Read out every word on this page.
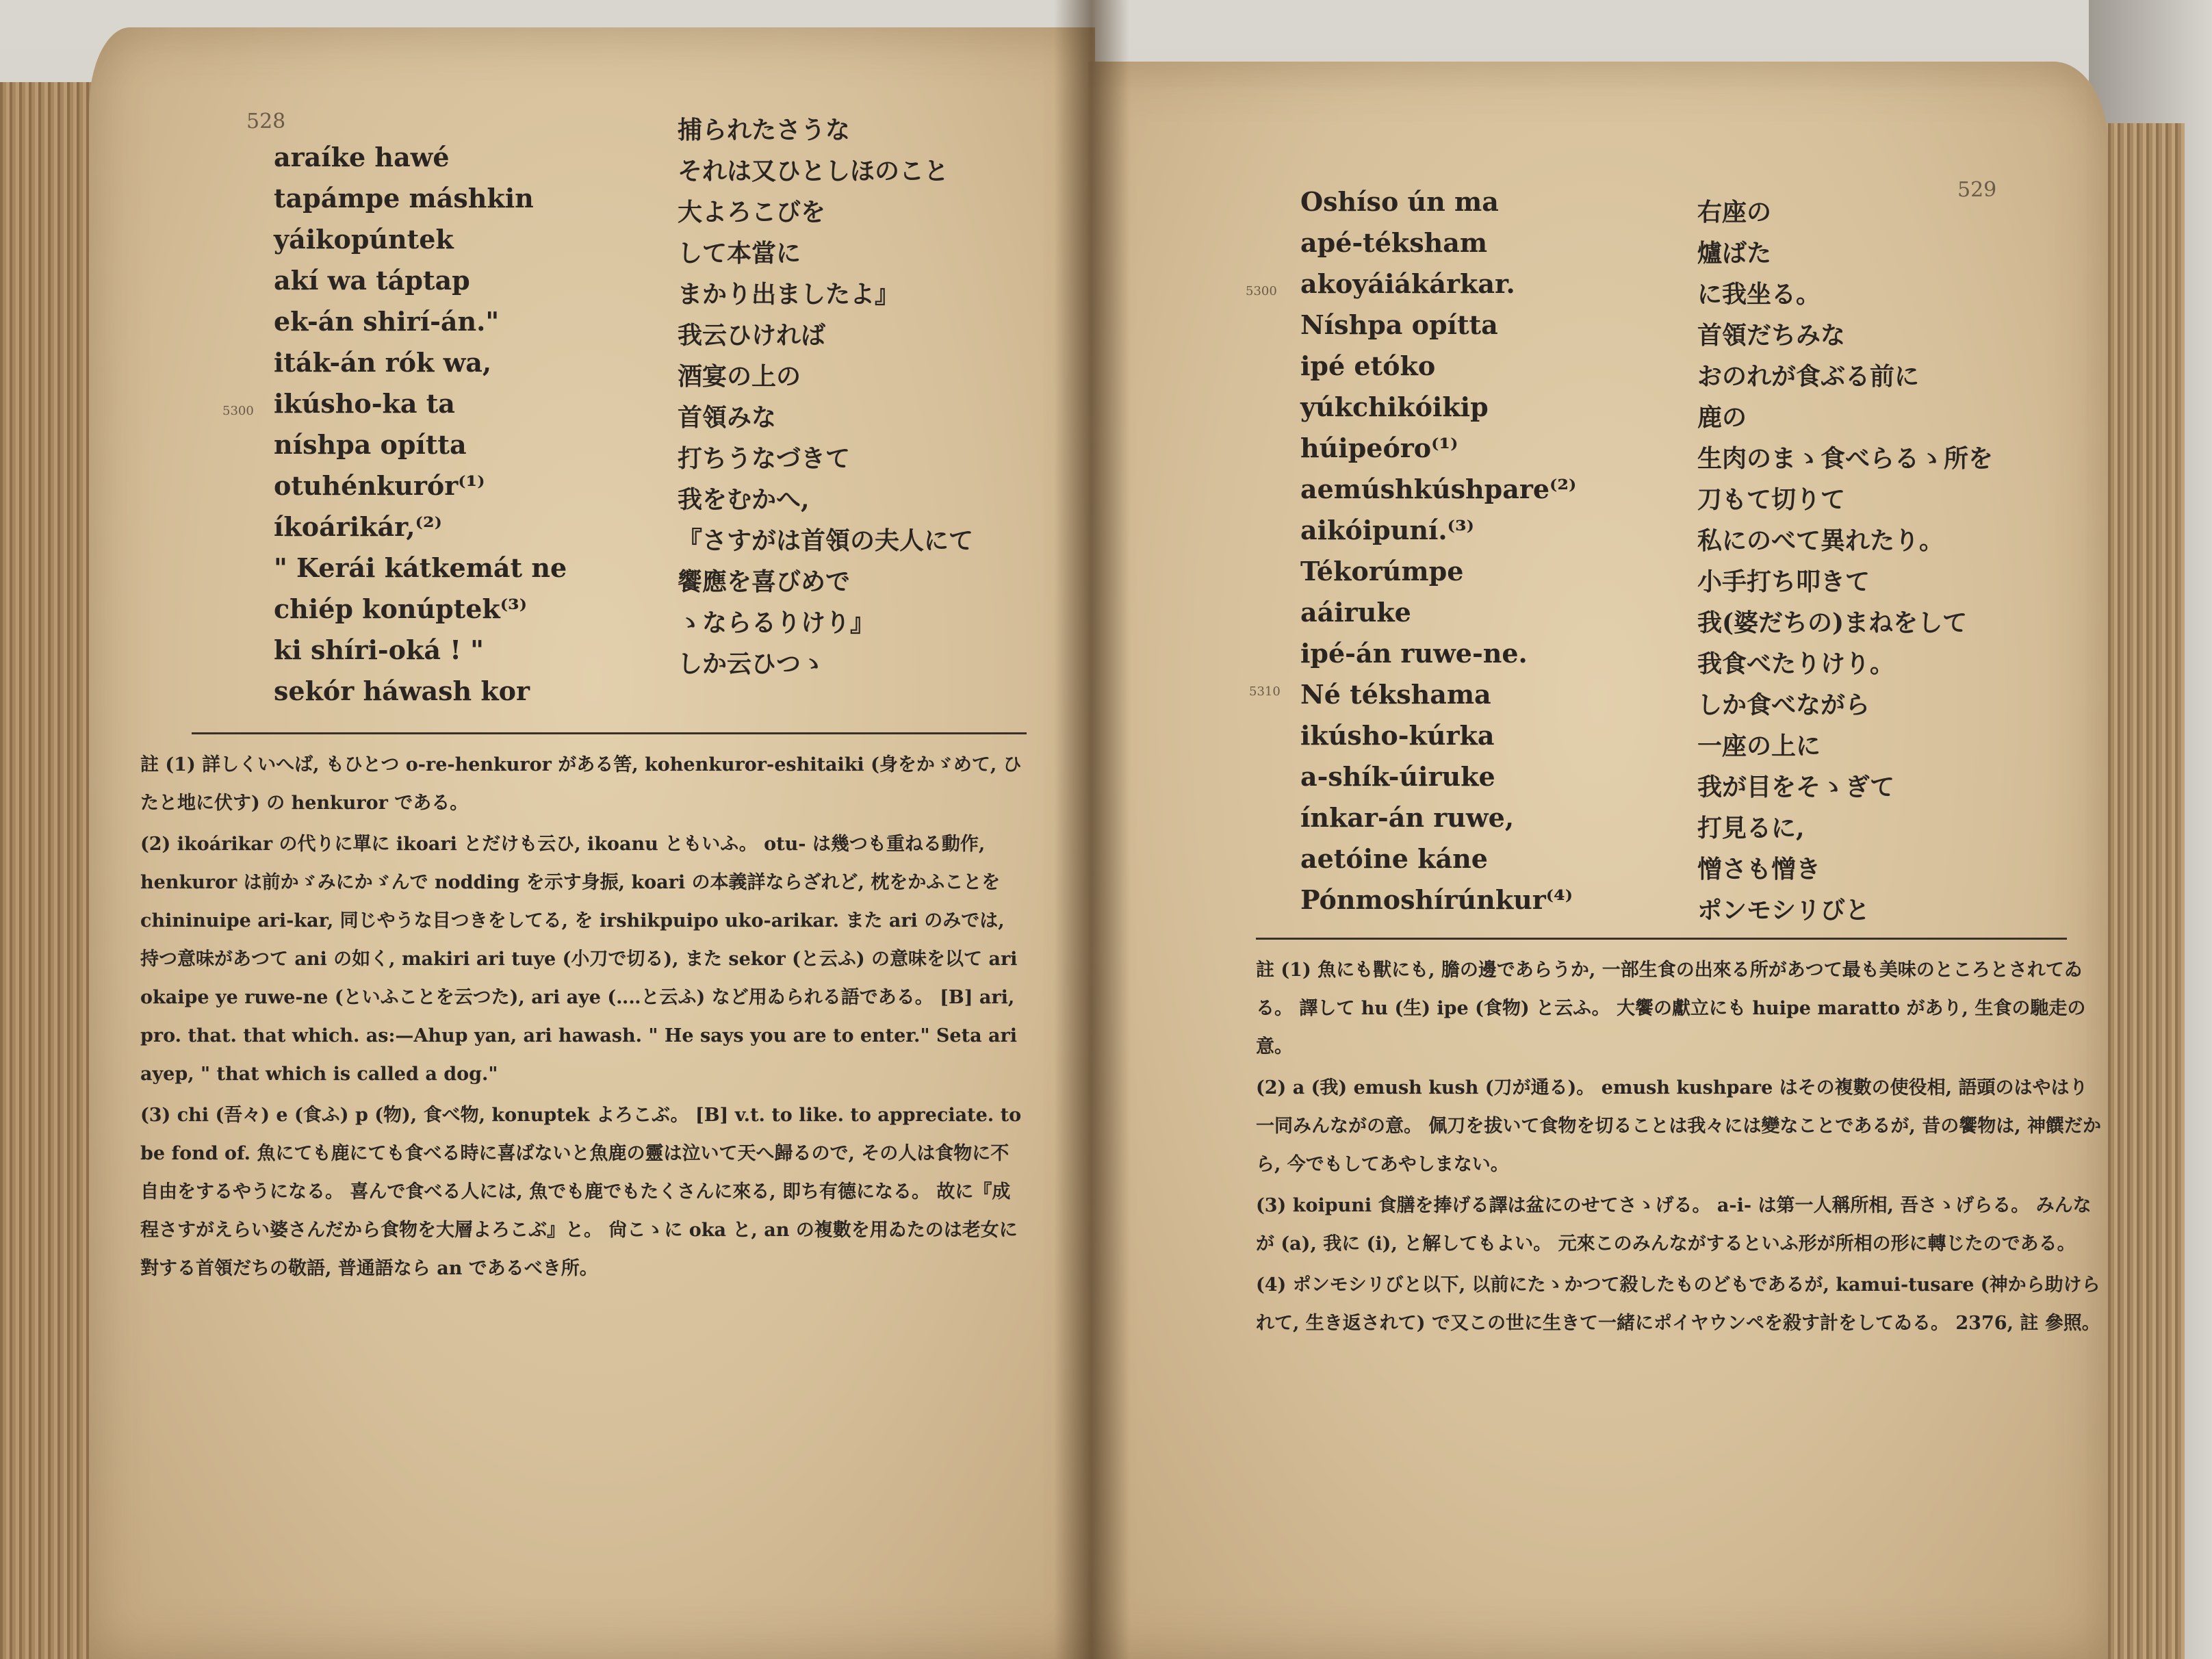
528
5300
araíke hawé
tapámpe máshkin
yáikopúntek
akí wa táptap
ek-án shirí-án."
iták-án rók wa,
ikúsho-ka ta
níshpa opítta
otuhénkurór⁽¹⁾
íkoárikár,⁽²⁾
" Kerái kátkemát ne
chiép konúptek⁽³⁾
ki shíri-oká ! "
sekór háwash kor
捕られたさうな
それは又ひとしほのこと
大よろこびを
して本當に
まかり出ましたよ』
我云ひければ
酒宴の上の
首領みな
打ちうなづきて
我をむかへ,
『さすがは首領の夫人にて
饗應を喜びめで
ゝならるりけり』
しか云ひつゝ

註 (1) 詳しくいへば, もひとつ o-re-henkuror がある筈, kohenkuror-eshitaiki (身をかゞめて, ひたと地に伏す) の henkuror である。

(2) ikoárikar の代りに單に ikoari とだけも云ひ, ikoanu ともいふ。 otu- は幾つも重ねる動作, henkuror は前かゞみにかゞんで nodding を示す身振, koari の本義詳ならざれど, 枕をかふことを chininuipe ari-kar, 同じやうな目つきをしてる, を irshikpuipo uko-arikar. また ari のみでは, 持つ意味があつて ani の如く, makiri ari tuye (小刀で切る), また sekor (と云ふ) の意味を以て ari okaipe ye ruwe-ne (といふことを云つた), ari aye (‥‥と云ふ) など用ゐられる語である。 [B] ari, pro. that. that which. as:—Ahup yan, ari hawash. " He says you are to enter." Seta ari ayep, " that which is called a dog."

(3) chi (吾々) e (食ふ) p (物), 食べ物, konuptek よろこぶ。 [B] v.t. to like. to appreciate. to be fond of. 魚にても鹿にても食べる時に喜ばないと魚鹿の靈は泣いて天へ歸るので, その人は食物に不自由をするやうになる。 喜んで食べる人には, 魚でも鹿でもたくさんに來る, 即ち有德になる。 故に『成程さすがえらい婆さんだから食物を大層よろこぶ』と。 尙こゝに oka と, an の複數を用ゐたのは老女に對する首領だちの敬語, 普通語なら an であるべき所。

529
5300
5310
Oshíso ún ma
apé-téksham
akoyáiákárkar.
Níshpa opítta
ipé etóko
yúkchikóikip
húipeóro⁽¹⁾
aemúshkúshpare⁽²⁾
aikóipuní.⁽³⁾
Tékorúmpe
aáiruke
ipé-án ruwe-ne.
Né tékshama
ikúsho-kúrka
a-shík-úiruke
ínkar-án ruwe,
aetóine káne
Pónmoshírúnkur⁽⁴⁾
右座の
爐ばた
に我坐る。
首領だちみな
おのれが食ぶる前に
鹿の
生肉のまゝ食べらるゝ所を
刀もて切りて
私にのべて異れたり。
小手打ち叩きて
我(婆だちの)まねをして
我食べたりけり。
しか食べながら
一座の上に
我が目をそゝぎて
打見るに,
憎さも憎き
ポンモシリびと

註 (1) 魚にも獸にも, 膽の邊であらうか, 一部生食の出來る所があつて最も美味のところとされてゐる。 譯して hu (生) ipe (食物) と云ふ。 大饗の獻立にも huipe maratto があり, 生食の馳走の意。

(2) a (我) emush kush (刀が通る)。 emush kushpare はその複數の使役相, 語頭のはやはり一同みんながの意。 佩刀を拔いて食物を切ることは我々には變なことであるが, 昔の饗物は, 神饌だから, 今でもしてあやしまない。

(3) koipuni 食膳を捧げる譯は盆にのせてさゝげる。 a-i- は第一人稱所相, 吾さゝげらる。 みんなが (a), 我に (i), と解してもよい。 元來このみんながするといふ形が所相の形に轉じたのである。

(4) ポンモシリびと以下, 以前にたゝかつて殺したものどもであるが, kamui-tusare (神から助けられて, 生き返されて) で又この世に生きて一緒にポイヤウンペを殺す計をしてゐる。 2376, 註 參照。
